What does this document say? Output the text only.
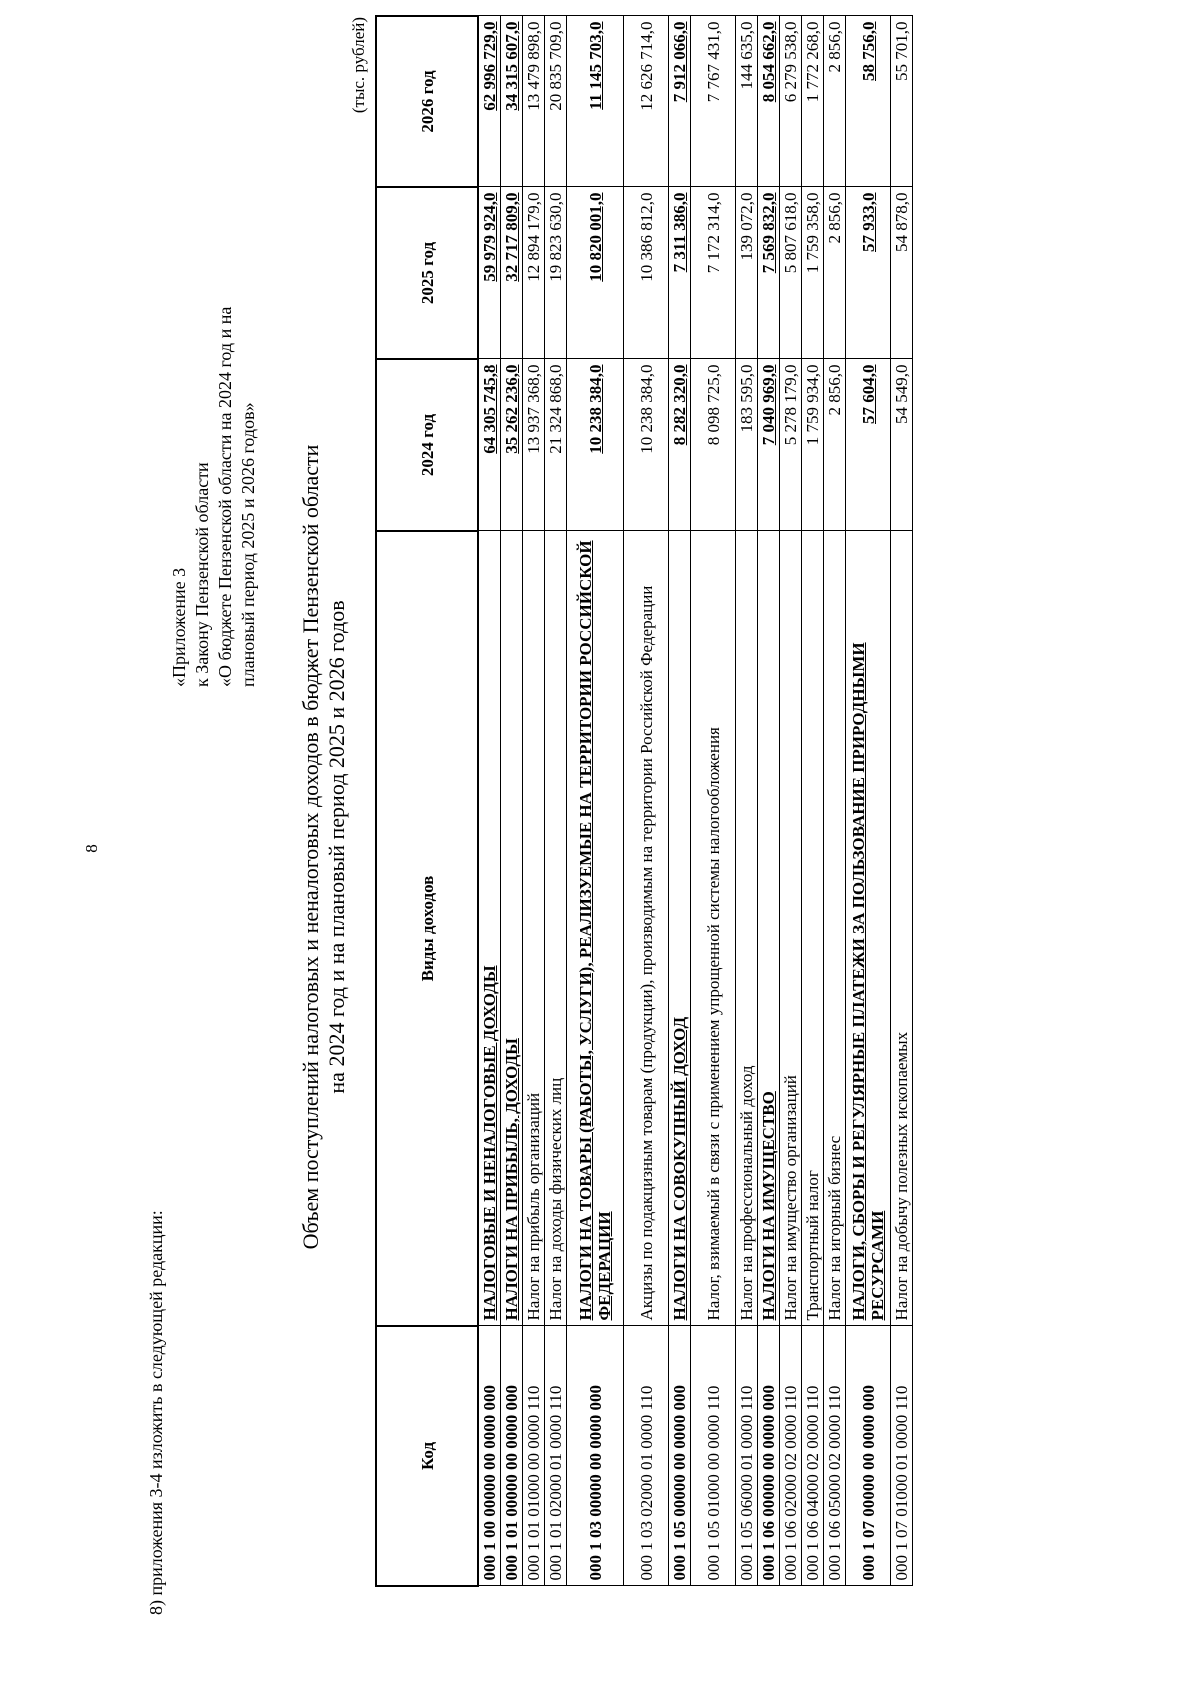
8
8) приложения 3-4 изложить в следующей редакции:
«Приложение 3 к Закону Пензенской области «О бюджете Пензенской области на 2024 год и на плановый период 2025 и 2026 годов» Объем поступлений налоговых и неналоговых доходов в бюджет Пензенской области на 2024 год и на плановый период 2025 и 2026 годов
(тыс. рублей)
Код	Виды доходов	2024 год	2025 год	2026 год
000 1 00 00000 00 0000 000	НАЛОГОВЫЕ И НЕНАЛОГОВЫЕ ДОХОДЫ	64 305 745,8	59 979 924,0	62 996 729,0
000 1 01 00000 00 0000 000	НАЛОГИ НА ПРИБЫЛЬ, ДОХОДЫ	35 262 236,0	32 717 809,0	34 315 607,0
000 1 01 01000 00 0000 110	Налог на прибыль организаций	13 937 368,0	12 894 179,0	13 479 898,0
000 1 01 02000 01 0000 110	Налог на доходы физических лиц	21 324 868,0	19 823 630,0	20 835 709,0
000 1 03 00000 00 0000 000	НАЛОГИ НА ТОВАРЫ (РАБОТЫ, УСЛУГИ), РЕАЛИЗУЕМЫЕ НА ТЕРРИТОРИИ РОССИЙСКОЙ ФЕДЕРАЦИИ	10 238 384,0	10 820 001,0	11 145 703,0
000 1 03 02000 01 0000 110	Акцизы по подакцизным товарам (продукции), производимым на территории Российской Федерации	10 238 384,0	10 386 812,0	12 626 714,0
000 1 05 00000 00 0000 000	НАЛОГИ НА СОВОКУПНЫЙ ДОХОД	8 282 320,0	7 311 386,0	7 912 066,0
000 1 05 01000 00 0000 110	Налог, взимаемый в связи с применением упрощенной системы налогообложения	8 098 725,0	7 172 314,0	7 767 431,0
000 1 05 06000 01 0000 110	Налог на профессиональный доход	183 595,0	139 072,0	144 635,0
000 1 06 00000 00 0000 000	НАЛОГИ НА ИМУЩЕСТВО	7 040 969,0	7 569 832,0	8 054 662,0
000 1 06 02000 02 0000 110	Налог на имущество организаций	5 278 179,0	5 807 618,0	6 279 538,0
000 1 06 04000 02 0000 110	Транспортный налог	1 759 934,0	1 759 358,0	1 772 268,0
000 1 06 05000 02 0000 110	Налог на игорный бизнес	2 856,0	2 856,0	2 856,0
000 1 07 00000 00 0000 000	НАЛОГИ, СБОРЫ И РЕГУЛЯРНЫЕ ПЛАТЕЖИ ЗА ПОЛЬЗОВАНИЕ ПРИРОДНЫМИ РЕСУРСАМИ	57 604,0	57 933,0	58 756,0
000 1 07 01000 01 0000 110	Налог на добычу полезных ископаемых	54 549,0	54 878,0	55 701,0
